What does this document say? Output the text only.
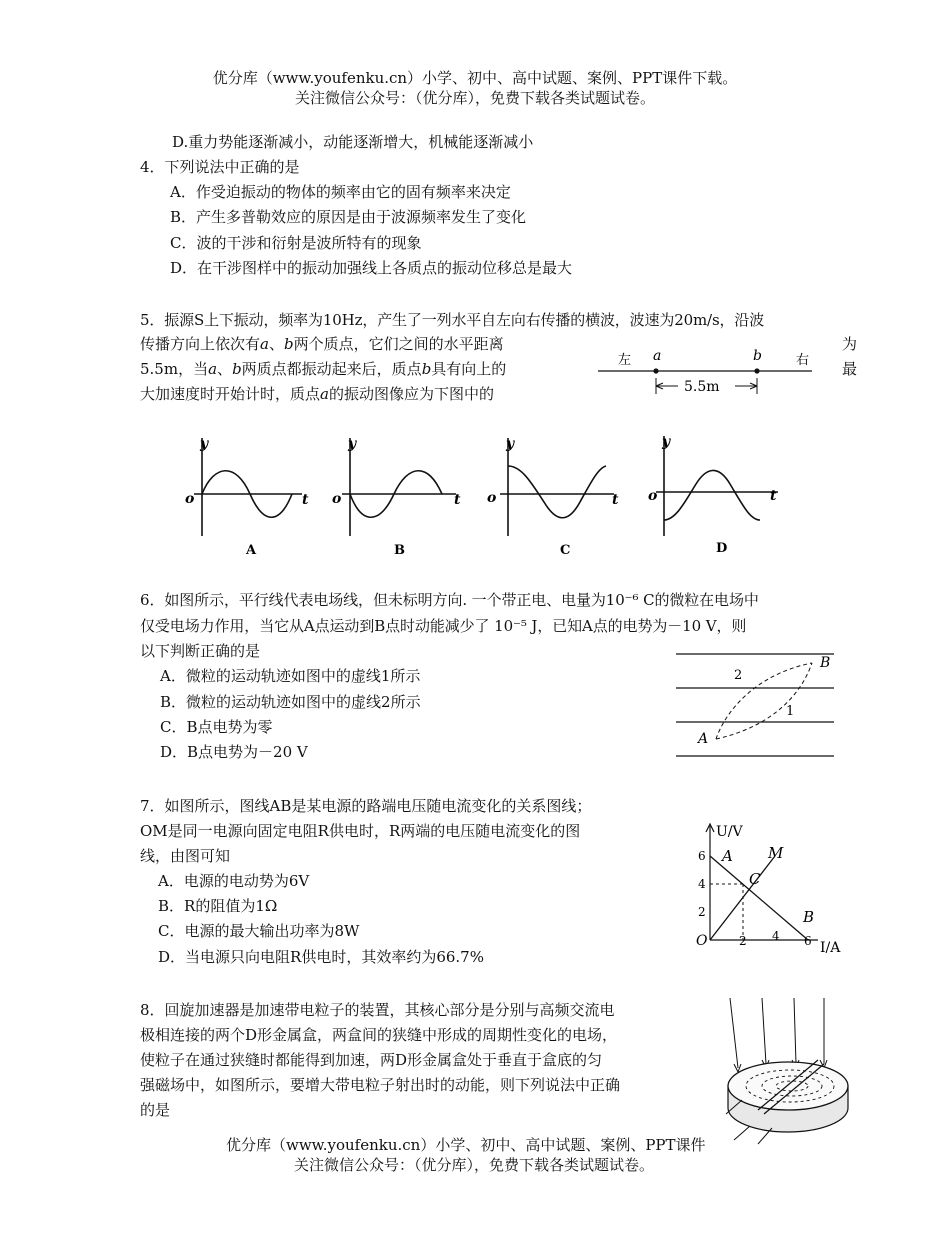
优分库（www.youfenku.cn）小学、初中、高中试题、案例、PPT课件下载。
关注微信公众号：（优分库），免费下载各类试题试卷。
D.重力势能逐渐减小，动能逐渐增大，机械能逐渐减小
4．下列说法中正确的是
A．作受迫振动的物体的频率由它的固有频率来决定
B．产生多普勒效应的原因是由于波源频率发生了变化
C．波的干涉和衍射是波所特有的现象
D．在干涉图样中的振动加强线上各质点的振动位移总是最大
5．振源S上下振动，频率为10Hz，产生了一列水平自左向右传播的横波，波速为20m/s，沿波
传播方向上依次有a、b两个质点，它们之间的水平距离	为
5.5m，当a、b两质点都振动起来后，质点b具有向上的	最
大加速度时开始计时，质点a的振动图像应为下图中的
左 a	b	右
5.5m
y
o	t
A
y
o	t
B
y
o	t
C
y
o	t
D
6．如图所示，平行线代表电场线，但未标明方向. 一个带正电、电量为10⁻⁶ C的微粒在电场中
仅受电场力作用，当它从A点运动到B点时动能减少了 10⁻⁵ J，已知A点的电势为－10 V，则
以下判断正确的是
A．微粒的运动轨迹如图中的虚线1所示
B．微粒的运动轨迹如图中的虚线2所示
C．B点电势为零
D．B点电势为－20 V
A
B
1
2
7．如图所示，图线AB是某电源的路端电压随电流变化的关系图线；
OM是同一电源向固定电阻R供电时，R两端的电压随电流变化的图
线，由图可知
A．电源的电动势为6V
B．R的阻值为1Ω
C．电源的最大输出功率为8W
D．当电源只向电阻R供电时，其效率约为66.7%
U/V
I/A
O
6
4
2
2 4 6
A M
C
B
8．回旋加速器是加速带电粒子的装置，其核心部分是分别与高频交流电
极相连接的两个D形金属盒，两盒间的狭缝中形成的周期性变化的电场，
使粒子在通过狭缝时都能得到加速，两D形金属盒处于垂直于盒底的匀
强磁场中，如图所示，要增大带电粒子射出时的动能，则下列说法中正确
的是
优分库（www.youfenku.cn）小学、初中、高中试题、案例、PPT课件
关注微信公众号：（优分库），免费下载各类试题试卷。
